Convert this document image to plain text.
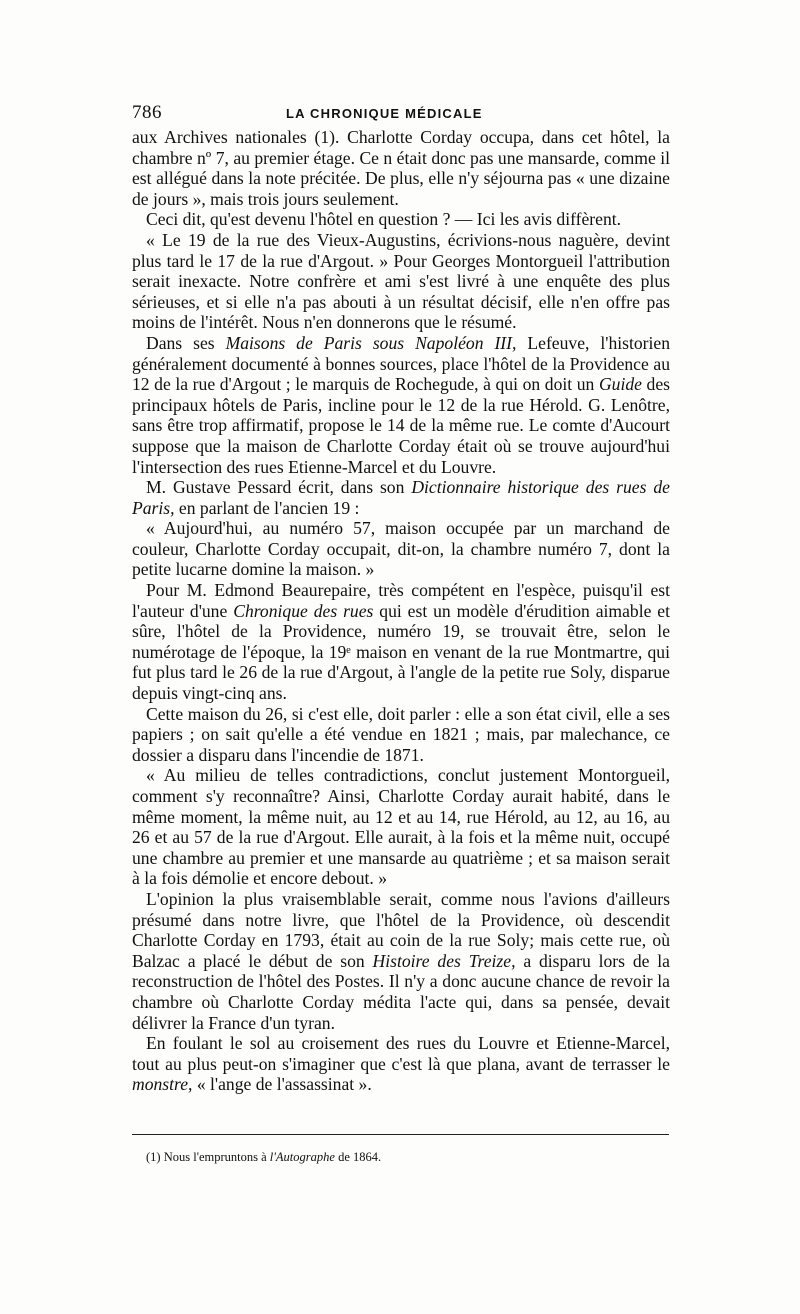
786	LA CHRONIQUE MÉDICALE

aux Archives nationales (1). Charlotte Corday occupa, dans cet hôtel, la chambre nº 7, au premier étage. Ce n était donc pas une mansarde, comme il est allégué dans la note précitée. De plus, elle n'y séjourna pas « une dizaine de jours », mais trois jours seulement.

Ceci dit, qu'est devenu l'hôtel en question ? — Ici les avis diffèrent.

« Le 19 de la rue des Vieux-Augustins, écrivions-nous naguère, devint plus tard le 17 de la rue d'Argout. » Pour Georges Montorgueil l'attribution serait inexacte. Notre confrère et ami s'est livré à une enquête des plus sérieuses, et si elle n'a pas abouti à un résultat décisif, elle n'en offre pas moins de l'intérêt. Nous n'en donnerons que le résumé.

Dans ses Maisons de Paris sous Napoléon III, Lefeuve, l'historien généralement documenté à bonnes sources, place l'hôtel de la Providence au 12 de la rue d'Argout ; le marquis de Rochegude, à qui on doit un Guide des principaux hôtels de Paris, incline pour le 12 de la rue Hérold. G. Lenôtre, sans être trop affirmatif, propose le 14 de la même rue. Le comte d'Aucourt suppose que la maison de Charlotte Corday était où se trouve aujourd'hui l'intersection des rues Etienne-Marcel et du Louvre.

M. Gustave Pessard écrit, dans son Dictionnaire historique des rues de Paris, en parlant de l'ancien 19 :

« Aujourd'hui, au numéro 57, maison occupée par un marchand de couleur, Charlotte Corday occupait, dit-on, la chambre numéro 7, dont la petite lucarne domine la maison. »

Pour M. Edmond Beaurepaire, très compétent en l'espèce, puisqu'il est l'auteur d'une Chronique des rues qui est un modèle d'érudition aimable et sûre, l'hôtel de la Providence, numéro 19, se trouvait être, selon le numérotage de l'époque, la 19ᵉ maison en venant de la rue Montmartre, qui fut plus tard le 26 de la rue d'Argout, à l'angle de la petite rue Soly, disparue depuis vingt-cinq ans.

Cette maison du 26, si c'est elle, doit parler : elle a son état civil, elle a ses papiers ; on sait qu'elle a été vendue en 1821 ; mais, par malechance, ce dossier a disparu dans l'incendie de 1871.

« Au milieu de telles contradictions, conclut justement Montorgueil, comment s'y reconnaître? Ainsi, Charlotte Corday aurait habité, dans le même moment, la même nuit, au 12 et au 14, rue Hérold, au 12, au 16, au 26 et au 57 de la rue d'Argout. Elle aurait, à la fois et la même nuit, occupé une chambre au premier et une mansarde au quatrième ; et sa maison serait à la fois démolie et encore debout. »

L'opinion la plus vraisemblable serait, comme nous l'avions d'ailleurs présumé dans notre livre, que l'hôtel de la Providence, où descendit Charlotte Corday en 1793, était au coin de la rue Soly; mais cette rue, où Balzac a placé le début de son Histoire des Treize, a disparu lors de la reconstruction de l'hôtel des Postes. Il n'y a donc aucune chance de revoir la chambre où Charlotte Corday médita l'acte qui, dans sa pensée, devait délivrer la France d'un tyran.

En foulant le sol au croisement des rues du Louvre et Etienne-Marcel, tout au plus peut-on s'imaginer que c'est là que plana, avant de terrasser le monstre, « l'ange de l'assassinat ».

(1) Nous l'empruntons à l'Autographe de 1864.
